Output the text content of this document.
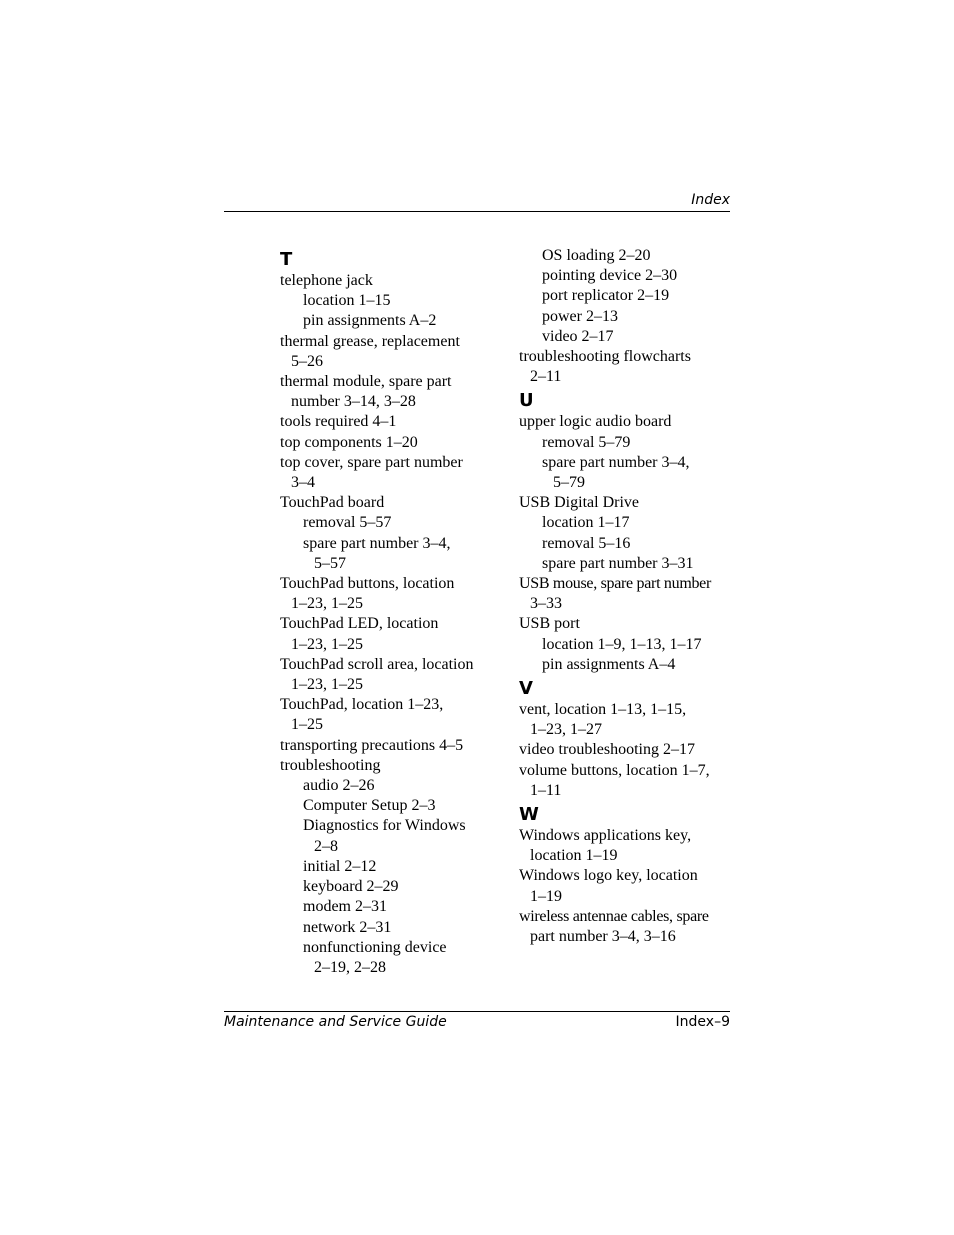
Index
T
telephone jack
location 1–15
pin assignments A–2
thermal grease, replacement
5–26
thermal module, spare part
number 3–14, 3–28
tools required 4–1
top components 1–20
top cover, spare part number
3–4
TouchPad board
removal 5–57
spare part number 3–4,
5–57
TouchPad buttons, location
1–23, 1–25
TouchPad LED, location
1–23, 1–25
TouchPad scroll area, location
1–23, 1–25
TouchPad, location 1–23,
1–25
transporting precautions 4–5
troubleshooting
audio 2–26
Computer Setup 2–3
Diagnostics for Windows
2–8
initial 2–12
keyboard 2–29
modem 2–31
network 2–31
nonfunctioning device
2–19, 2–28
OS loading 2–20
pointing device 2–30
port replicator 2–19
power 2–13
video 2–17
troubleshooting flowcharts
2–11
U
upper logic audio board
removal 5–79
spare part number 3–4,
5–79
USB Digital Drive
location 1–17
removal 5–16
spare part number 3–31
USB mouse, spare part number
3–33
USB port
location 1–9, 1–13, 1–17
pin assignments A–4
V
vent, location 1–13, 1–15,
1–23, 1–27
video troubleshooting 2–17
volume buttons, location 1–7,
1–11
W
Windows applications key,
location 1–19
Windows logo key, location
1–19
wireless antennae cables, spare
part number 3–4, 3–16
Maintenance and Service Guide	Index–9
